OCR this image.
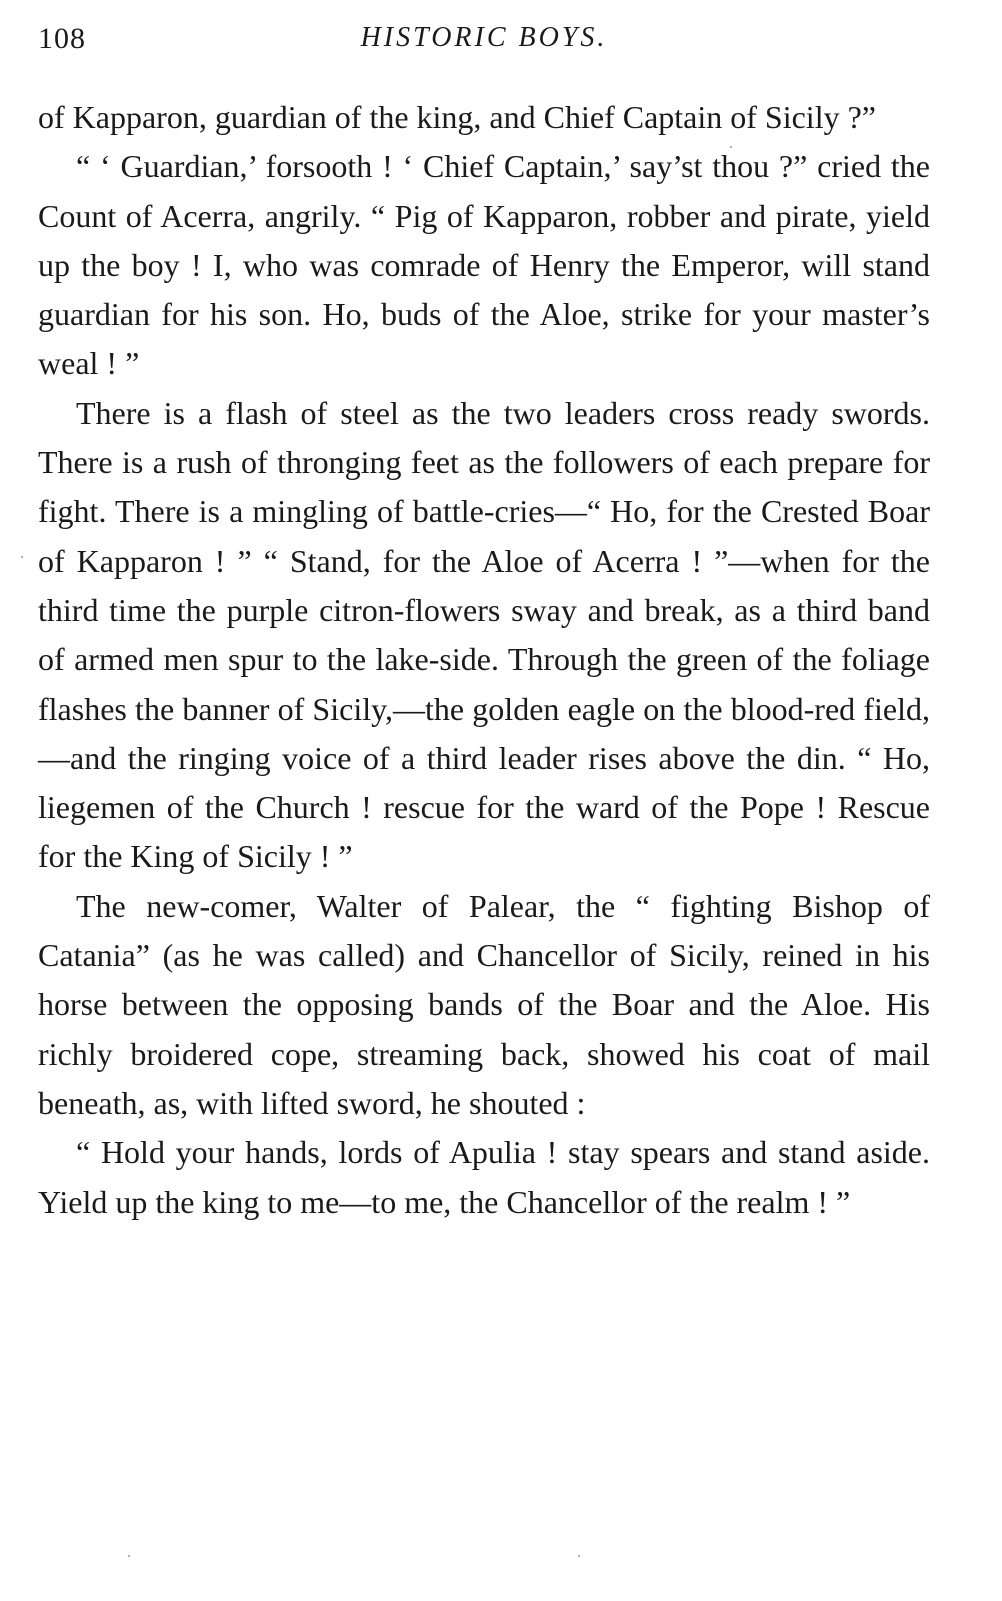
108	HISTORIC BOYS.

of Kapparon, guardian of the king, and Chief Captain of Sicily ?”

“ ‘ Guardian,’ forsooth ! ‘ Chief Captain,’ say’st thou ?” cried the Count of Acerra, angrily. “ Pig of Kapparon, robber and pirate, yield up the boy ! I, who was comrade of Henry the Emperor, will stand guardian for his son. Ho, buds of the Aloe, strike for your master’s weal ! ”

There is a flash of steel as the two leaders cross ready swords. There is a rush of thronging feet as the followers of each prepare for fight. There is a mingling of battle-cries—“ Ho, for the Crested Boar of Kapparon ! ” “ Stand, for the Aloe of Acerra ! ”—when for the third time the purple citron-flowers sway and break, as a third band of armed men spur to the lake-side. Through the green of the foliage flashes the banner of Sicily,—the golden eagle on the blood-red field,—and the ringing voice of a third leader rises above the din. “ Ho, liegemen of the Church ! rescue for the ward of the Pope ! Rescue for the King of Sicily ! ”

The new-comer, Walter of Palear, the “ fighting Bishop of Catania” (as he was called) and Chancellor of Sicily, reined in his horse between the opposing bands of the Boar and the Aloe. His richly broidered cope, streaming back, showed his coat of mail beneath, as, with lifted sword, he shouted :

“ Hold your hands, lords of Apulia ! stay spears and stand aside. Yield up the king to me—to me, the Chancellor of the realm ! ”
